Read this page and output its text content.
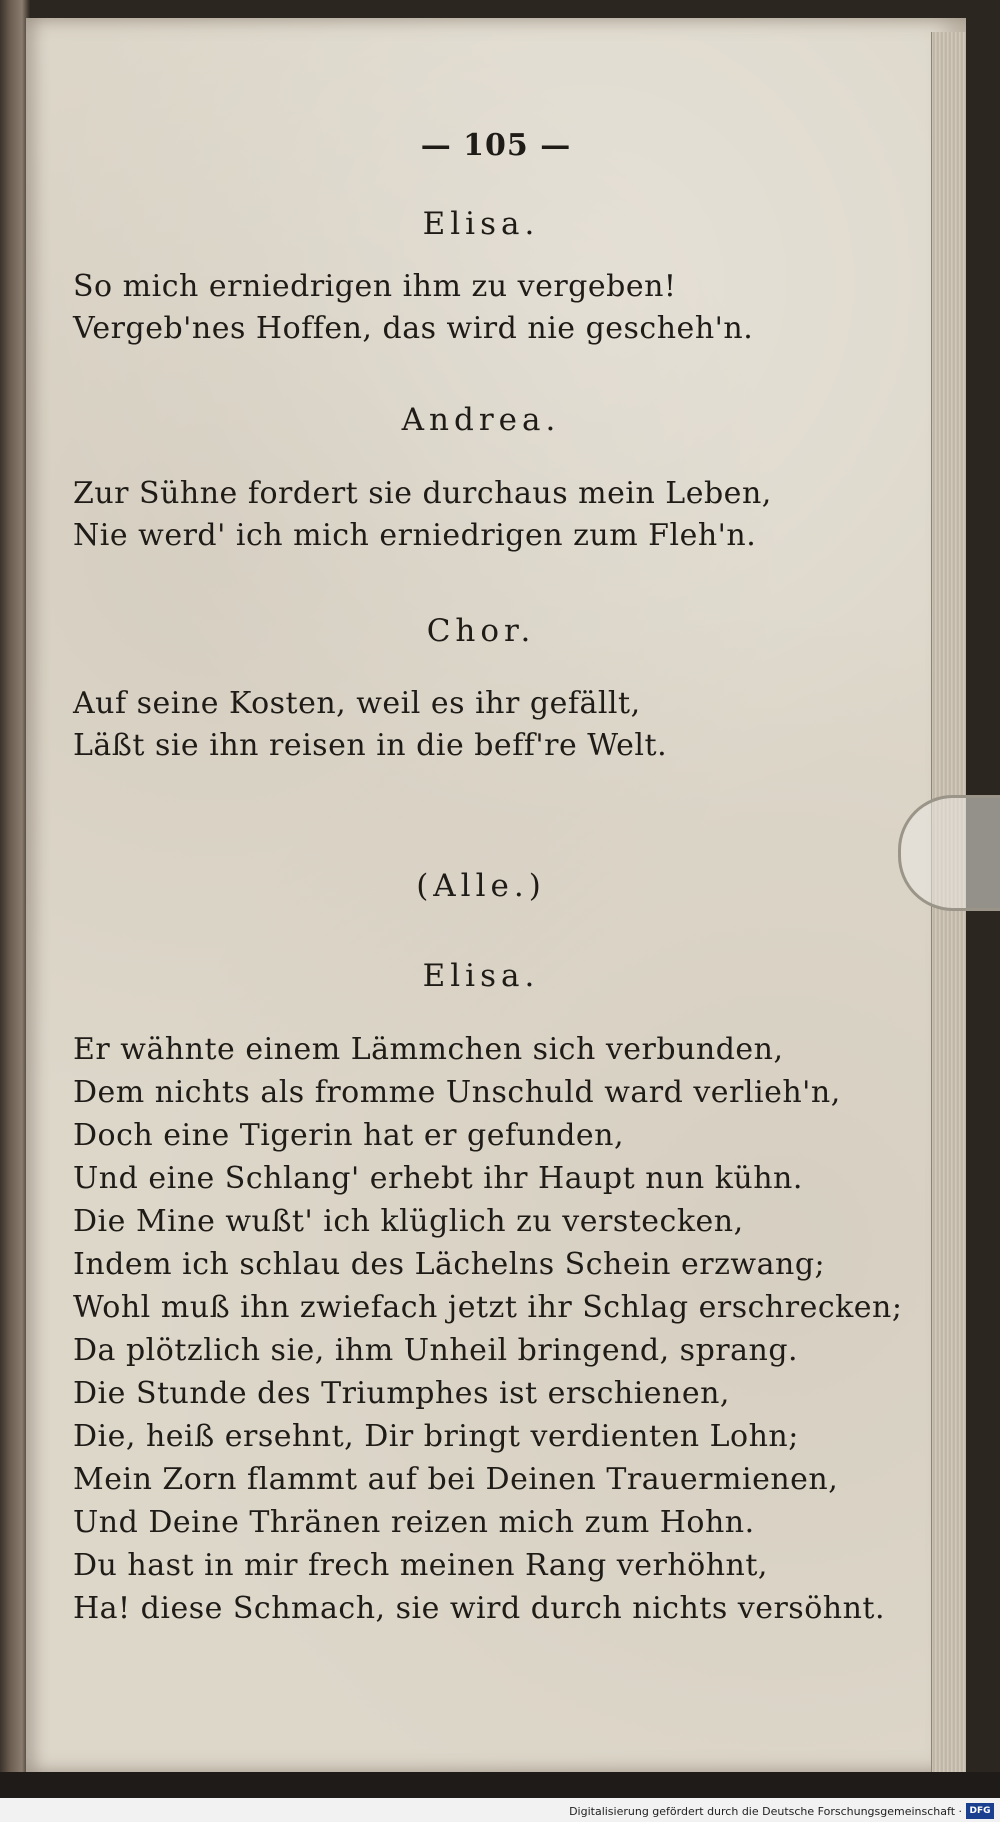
— 105 —
Elisa.
So mich erniedrigen ihm zu vergeben!
Vergeb'nes Hoffen, das wird nie gescheh'n.
Andrea.
Zur Sühne fordert sie durchaus mein Leben,
Nie werd' ich mich erniedrigen zum Fleh'n.
Chor.
Auf seine Kosten, weil es ihr gefällt,
Läßt sie ihn reisen in die beff're Welt.
(Alle.)
Elisa.
Er wähnte einem Lämmchen sich verbunden,
Dem nichts als fromme Unschuld ward verlieh'n,
Doch eine Tigerin hat er gefunden,
Und eine Schlang' erhebt ihr Haupt nun kühn.
Die Mine wußt' ich klüglich zu verstecken,
Indem ich schlau des Lächelns Schein erzwang;
Wohl muß ihn zwiefach jetzt ihr Schlag erschrecken;
Da plötzlich sie, ihm Unheil bringend, sprang.
Die Stunde des Triumphes ist erschienen,
Die, heiß ersehnt, Dir bringt verdienten Lohn;
Mein Zorn flammt auf bei Deinen Trauermienen,
Und Deine Thränen reizen mich zum Hohn.
Du hast in mir frech meinen Rang verhöhnt,
Ha! diese Schmach, sie wird durch nichts versöhnt.
Digitalisierung gefördert durch die Deutsche Forschungsgemeinschaft · DFG
